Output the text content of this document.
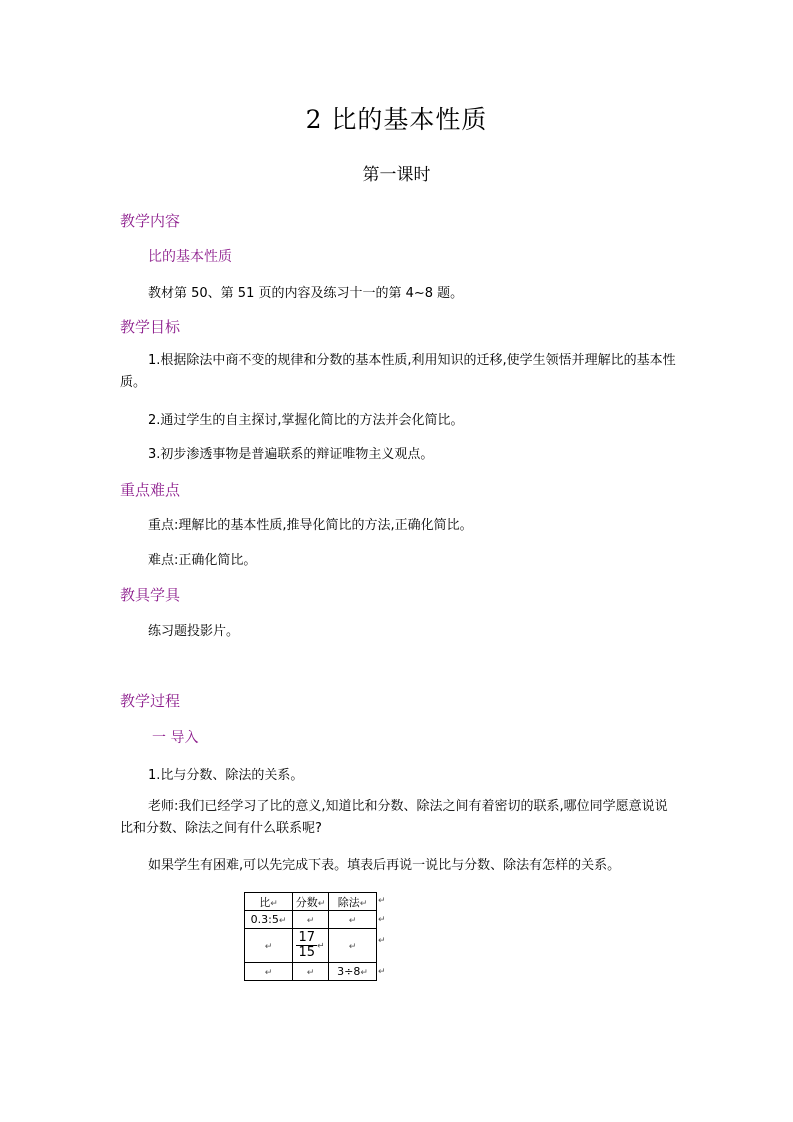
2 比的基本性质
第一课时
教学内容
比的基本性质
教材第 50、第 51 页的内容及练习十一的第 4~8 题。
教学目标
1.根据除法中商不变的规律和分数的基本性质,利用知识的迁移,使学生领悟并理解比的基本性质。
2.通过学生的自主探讨,掌握化简比的方法并会化简比。
3.初步渗透事物是普遍联系的辩证唯物主义观点。
重点难点
重点:理解比的基本性质,推导化简比的方法,正确化简比。
难点:正确化简比。
教具学具
练习题投影片。
教学过程
一 导入
1.比与分数、除法的关系。
老师:我们已经学习了比的意义,知道比和分数、除法之间有着密切的联系,哪位同学愿意说说比和分数、除法之间有什么联系呢?
如果学生有困难,可以先完成下表。填表后再说一说比与分数、除法有怎样的关系。
比↵	分数↵	除法↵
0.3:5↵	↵	↵
↵	$\frac{17}{15}$ ↵	↵
↵	↵	3÷8↵
↵
↵
↵
↵
